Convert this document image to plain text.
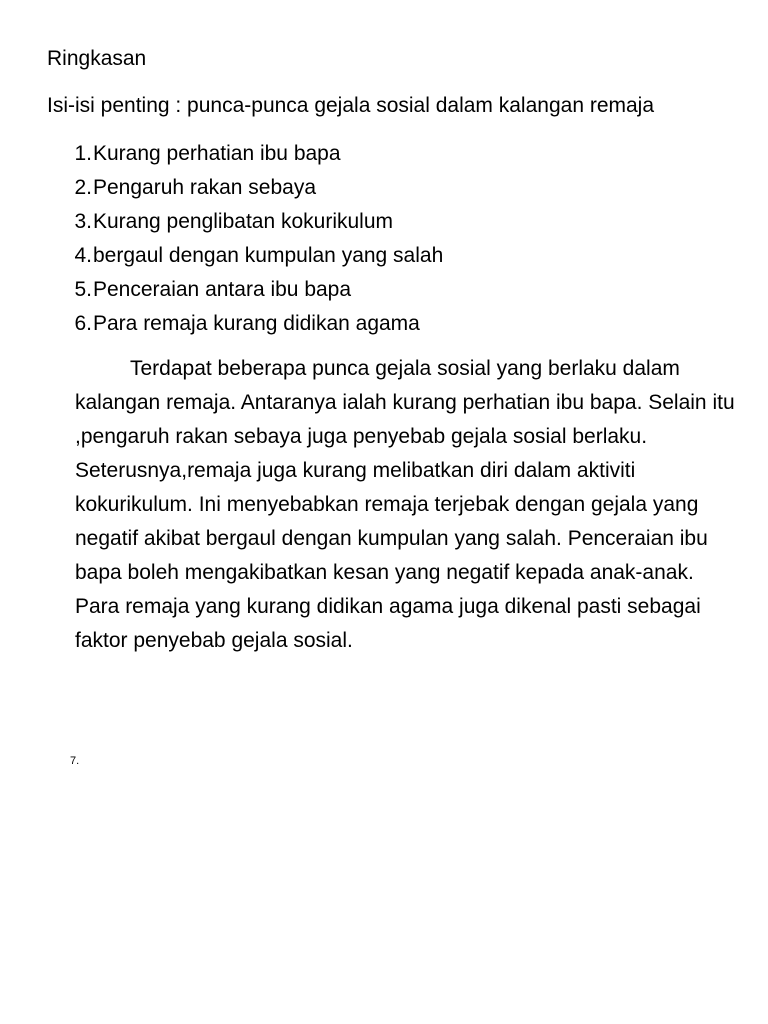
Ringkasan
Isi-isi penting : punca-punca gejala sosial dalam kalangan remaja
1. Kurang perhatian ibu bapa
2. Pengaruh rakan sebaya
3. Kurang penglibatan kokurikulum
4. bergaul dengan kumpulan yang salah
5. Penceraian antara ibu bapa
6. Para remaja kurang didikan agama

Terdapat beberapa punca gejala sosial yang berlaku dalam kalangan remaja. Antaranya ialah kurang perhatian ibu bapa. Selain itu ,pengaruh rakan sebaya juga penyebab gejala sosial berlaku. Seterusnya,remaja juga kurang melibatkan diri dalam aktiviti kokurikulum. Ini menyebabkan remaja terjebak dengan gejala yang negatif akibat bergaul dengan kumpulan yang salah. Penceraian ibu bapa boleh mengakibatkan kesan yang negatif kepada anak-anak. Para remaja yang kurang didikan agama juga dikenal pasti sebagai faktor penyebab gejala sosial.

7.
